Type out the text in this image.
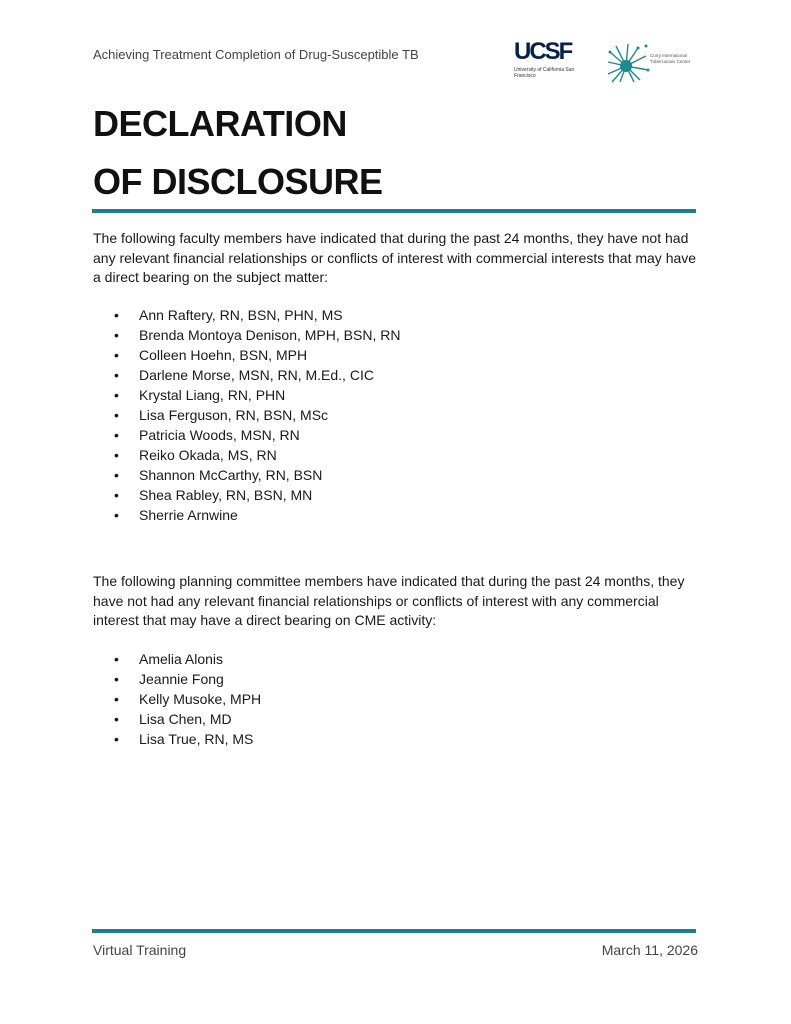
Achieving Treatment Completion of Drug-Susceptible TB	UCSF
University of California San Francisco
Curry International Tuberculosis Center
DECLARATION
OF DISCLOSURE

The following faculty members have indicated that during the past 24 months, they have not had any relevant financial relationships or conflicts of interest with commercial interests that may have a direct bearing on the subject matter:

• Ann Raftery, RN, BSN, PHN, MS
• Brenda Montoya Denison, MPH, BSN, RN
• Colleen Hoehn, BSN, MPH
• Darlene Morse, MSN, RN, M.Ed., CIC
• Krystal Liang, RN, PHN
• Lisa Ferguson, RN, BSN, MSc
• Patricia Woods, MSN, RN
• Reiko Okada, MS, RN
• Shannon McCarthy, RN, BSN
• Shea Rabley, RN, BSN, MN
• Sherrie Arnwine

The following planning committee members have indicated that during the past 24 months, they have not had any relevant financial relationships or conflicts of interest with any commercial interest that may have a direct bearing on CME activity:

• Amelia Alonis
• Jeannie Fong
• Kelly Musoke, MPH
• Lisa Chen, MD
• Lisa True, RN, MS
Virtual Training	March 11, 2026
